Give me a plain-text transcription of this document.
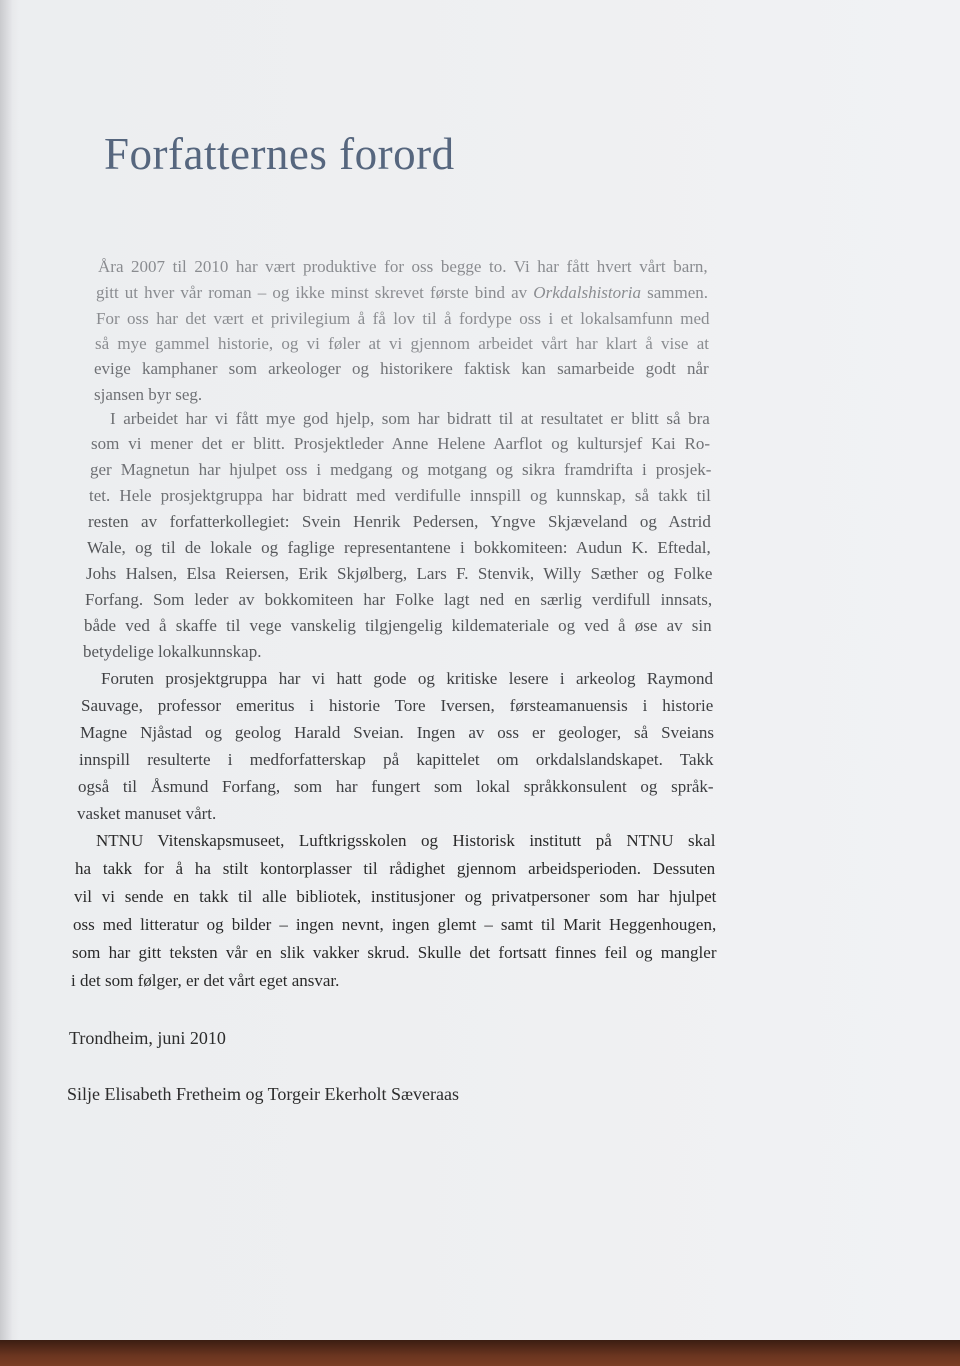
Forfatternes forord
Åra 2007 til 2010 har vært produktive for oss begge to. Vi har fått hvert vårt barn,
gitt ut hver vår roman – og ikke minst skrevet første bind av Orkdalshistoria sammen.
For oss har det vært et privilegium å få lov til å fordype oss i et lokalsamfunn med
så mye gammel historie, og vi føler at vi gjennom arbeidet vårt har klart å vise at
evige kamphaner som arkeologer og historikere faktisk kan samarbeide godt når
sjansen byr seg.
I arbeidet har vi fått mye god hjelp, som har bidratt til at resultatet er blitt så bra
som vi mener det er blitt. Prosjektleder Anne Helene Aarflot og kultursjef Kai Ro-
ger Magnetun har hjulpet oss i medgang og motgang og sikra framdrifta i prosjek-
tet. Hele prosjektgruppa har bidratt med verdifulle innspill og kunnskap, så takk til
resten av forfatterkollegiet: Svein Henrik Pedersen, Yngve Skjæveland og Astrid
Wale, og til de lokale og faglige representantene i bokkomiteen: Audun K. Eftedal,
Johs Halsen, Elsa Reiersen, Erik Skjølberg, Lars F. Stenvik, Willy Sæther og Folke
Forfang. Som leder av bokkomiteen har Folke lagt ned en særlig verdifull innsats,
både ved å skaffe til vege vanskelig tilgjengelig kildemateriale og ved å øse av sin
betydelige lokalkunnskap.
Foruten prosjektgruppa har vi hatt gode og kritiske lesere i arkeolog Raymond
Sauvage, professor emeritus i historie Tore Iversen, førsteamanuensis i historie
Magne Njåstad og geolog Harald Sveian. Ingen av oss er geologer, så Sveians
innspill resulterte i medforfatterskap på kapittelet om orkdalslandskapet. Takk
også til Åsmund Forfang, som har fungert som lokal språkkonsulent og språk-
vasket manuset vårt.
NTNU Vitenskapsmuseet, Luftkrigsskolen og Historisk institutt på NTNU skal
ha takk for å ha stilt kontorplasser til rådighet gjennom arbeidsperioden. Dessuten
vil vi sende en takk til alle bibliotek, institusjoner og privatpersoner som har hjulpet
oss med litteratur og bilder – ingen nevnt, ingen glemt – samt til Marit Heggenhougen,
som har gitt teksten vår en slik vakker skrud. Skulle det fortsatt finnes feil og mangler
i det som følger, er det vårt eget ansvar.
Trondheim, juni 2010
Silje Elisabeth Fretheim og Torgeir Ekerholt Sæveraas
